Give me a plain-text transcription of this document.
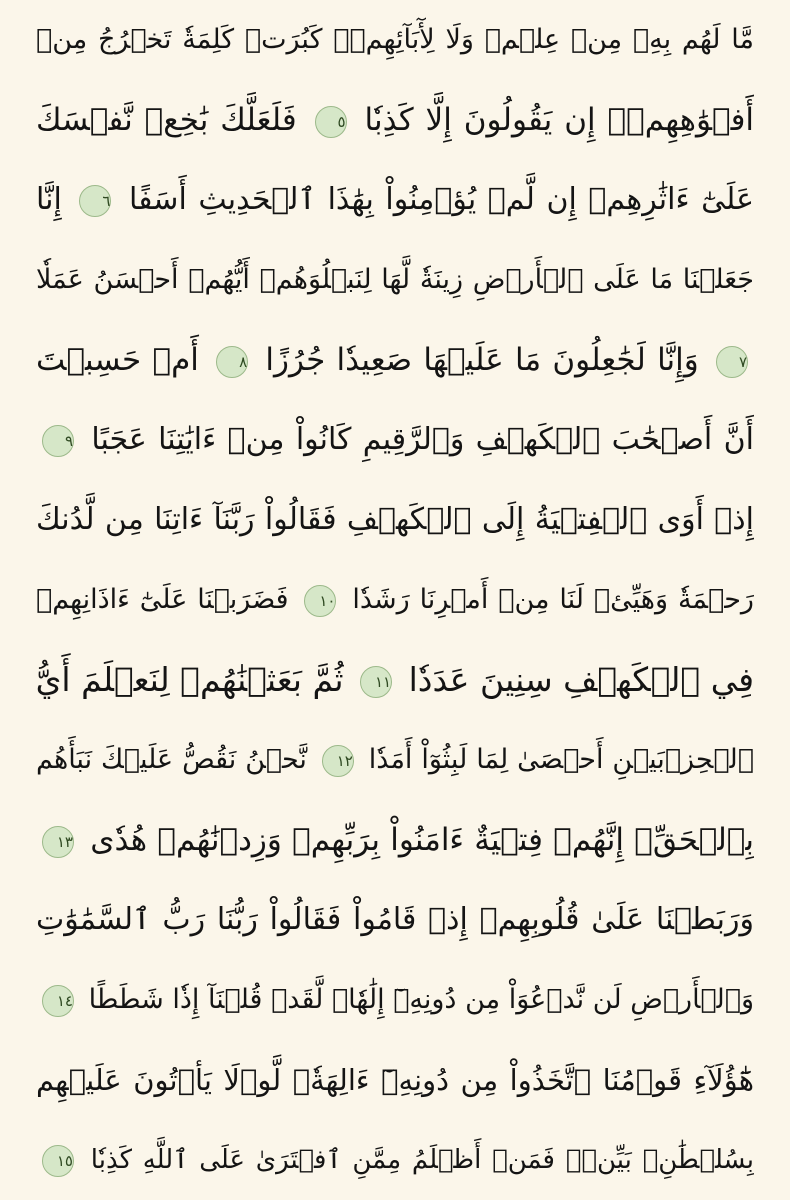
مَّا لَهُم بِهِۦ مِنۡ عِلۡمٖ وَلَا لِأٓبَآئِهِمۡۚ كَبُرَتۡ كَلِمَةٗ تَخۡرُجُ مِنۡ
أَفۡوَٰهِهِمۡۚ إِن يَقُولُونَ إِلَّا كَذِبٗا ٥ فَلَعَلَّكَ بَٰخِعٞ نَّفۡسَكَ
عَلَىٰٓ ءَاثَٰرِهِمۡ إِن لَّمۡ يُؤۡمِنُواْ بِهَٰذَا ٱلۡحَدِيثِ أَسَفًا ٦ إِنَّا
جَعَلۡنَا مَا عَلَى ٱلۡأَرۡضِ زِينَةٗ لَّهَا لِنَبۡلُوَهُمۡ أَيُّهُمۡ أَحۡسَنُ عَمَلٗا
٧ وَإِنَّا لَجَٰعِلُونَ مَا عَلَيۡهَا صَعِيدٗا جُرُزًا ٨ أَمۡ حَسِبۡتَ
أَنَّ أَصۡحَٰبَ ٱلۡكَهۡفِ وَٱلرَّقِيمِ كَانُواْ مِنۡ ءَايَٰتِنَا عَجَبًا ٩
إِذۡ أَوَى ٱلۡفِتۡيَةُ إِلَى ٱلۡكَهۡفِ فَقَالُواْ رَبَّنَآ ءَاتِنَا مِن لَّدُنكَ
رَحۡمَةٗ وَهَيِّئۡ لَنَا مِنۡ أَمۡرِنَا رَشَدٗا ١٠ فَضَرَبۡنَا عَلَىٰٓ ءَاذَانِهِمۡ
فِي ٱلۡكَهۡفِ سِنِينَ عَدَدٗا ١١ ثُمَّ بَعَثۡنَٰهُمۡ لِنَعۡلَمَ أَيُّ
ٱلۡحِزۡبَيۡنِ أَحۡصَىٰ لِمَا لَبِثُوٓاْ أَمَدٗا ١٢ نَّحۡنُ نَقُصُّ عَلَيۡكَ نَبَأَهُم
بِٱلۡحَقِّۚ إِنَّهُمۡ فِتۡيَةٌ ءَامَنُواْ بِرَبِّهِمۡ وَزِدۡنَٰهُمۡ هُدٗى ١٣
وَرَبَطۡنَا عَلَىٰ قُلُوبِهِمۡ إِذۡ قَامُواْ فَقَالُواْ رَبُّنَا رَبُّ ٱلسَّمَٰوَٰتِ
وَٱلۡأَرۡضِ لَن نَّدۡعُوَاْ مِن دُونِهِۦٓ إِلَٰهٗاۖ لَّقَدۡ قُلۡنَآ إِذٗا شَطَطًا ١٤
هَٰٓؤُلَآءِ قَوۡمُنَا ٱتَّخَذُواْ مِن دُونِهِۦٓ ءَالِهَةٗۖ لَّوۡلَا يَأۡتُونَ عَلَيۡهِم
بِسُلۡطَٰنِۭ بَيِّنٖۖ فَمَنۡ أَظۡلَمُ مِمَّنِ ٱفۡتَرَىٰ عَلَى ٱللَّهِ كَذِبٗا ١٥
